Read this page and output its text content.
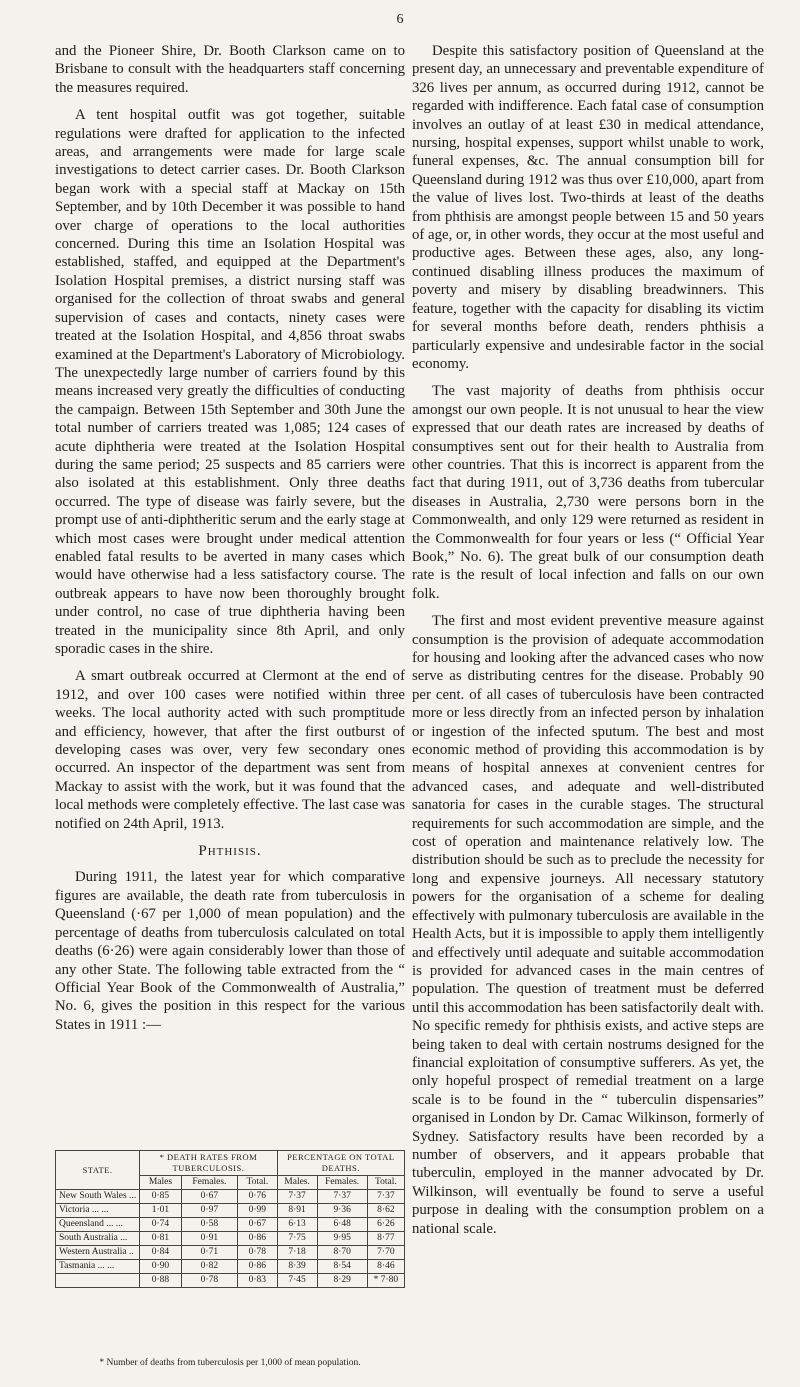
6

and the Pioneer Shire, Dr. Booth Clarkson came on to Brisbane to consult with the headquarters staff concerning the measures required.

A tent hospital outfit was got together, suitable regulations were drafted for application to the infected areas, and arrangements were made for large scale investigations to detect carrier cases. Dr. Booth Clarkson began work with a special staff at Mackay on 15th September, and by 10th December it was possible to hand over charge of operations to the local authorities concerned. During this time an Isolation Hospital was established, staffed, and equipped at the Department's Isolation Hospital premises, a district nursing staff was organised for the collection of throat swabs and general supervision of cases and contacts, ninety cases were treated at the Isolation Hospital, and 4,856 throat swabs examined at the Department's Laboratory of Microbiology. The unexpectedly large number of carriers found by this means increased very greatly the difficulties of conducting the campaign. Between 15th September and 30th June the total number of carriers treated was 1,085; 124 cases of acute diphtheria were treated at the Isolation Hospital during the same period; 25 suspects and 85 carriers were also isolated at this establishment. Only three deaths occurred. The type of disease was fairly severe, but the prompt use of anti-diphtheritic serum and the early stage at which most cases were brought under medical attention enabled fatal results to be averted in many cases which would have otherwise had a less satisfactory course. The outbreak appears to have now been thoroughly brought under control, no case of true diphtheria having been treated in the municipality since 8th April, and only sporadic cases in the shire.

A smart outbreak occurred at Clermont at the end of 1912, and over 100 cases were notified within three weeks. The local authority acted with such promptitude and efficiency, however, that after the first outburst of developing cases was over, very few secondary ones occurred. An inspector of the department was sent from Mackay to assist with the work, but it was found that the local methods were completely effective. The last case was notified on 24th April, 1913.

Phthisis.

During 1911, the latest year for which comparative figures are available, the death rate from tuberculosis in Queensland (·67 per 1,000 of mean population) and the percentage of deaths from tuberculosis calculated on total deaths (6·26) were again considerably lower than those of any other State. The following table extracted from the “ Official Year Book of the Commonwealth of Australia,” No. 6, gives the position in this respect for the various States in 1911 :—

STATE.	* DEATH RATES FROM TUBERCULOSIS.			PERCENTAGE ON TOTAL DEATHS.		
	Males	Females.	Total.	Males.	Females.	Total.
New South Wales ...	0·85	0·67	0·76	7·37	7·37	7·37
Victoria ... ...	1·01	0·97	0·99	8·91	9·36	8·62
Queensland ... ...	0·74	0·58	0·67	6·13	6·48	6·26
South Australia ...	0·81	0·91	0·86	7·75	9·95	8·77
Western Australia ..	0·84	0·71	0·78	7·18	8·70	7·70
Tasmania ... ...	0·90	0·82	0·86	8·39	8·54	8·46
	0·88	0·78	0·83	7·45	8·29	* 7·80
* Number of deaths from tuberculosis per 1,000 of mean population.

Despite this satisfactory position of Queensland at the present day, an unnecessary and preventable expenditure of 326 lives per annum, as occurred during 1912, cannot be regarded with indifference. Each fatal case of consumption involves an outlay of at least £30 in medical attendance, nursing, hospital expenses, support whilst unable to work, funeral expenses, &c. The annual consumption bill for Queensland during 1912 was thus over £10,000, apart from the value of lives lost. Two-thirds at least of the deaths from phthisis are amongst people between 15 and 50 years of age, or, in other words, they occur at the most useful and productive ages. Between these ages, also, any long-continued disabling illness produces the maximum of poverty and misery by disabling breadwinners. This feature, together with the capacity for disabling its victim for several months before death, renders phthisis a particularly expensive and undesirable factor in the social economy.

The vast majority of deaths from phthisis occur amongst our own people. It is not unusual to hear the view expressed that our death rates are increased by deaths of consumptives sent out for their health to Australia from other countries. That this is incorrect is apparent from the fact that during 1911, out of 3,736 deaths from tubercular diseases in Australia, 2,730 were persons born in the Commonwealth, and only 129 were returned as resident in the Commonwealth for four years or less (“ Official Year Book,” No. 6). The great bulk of our consumption death rate is the result of local infection and falls on our own folk.

The first and most evident preventive measure against consumption is the provision of adequate accommodation for housing and looking after the advanced cases who now serve as distributing centres for the disease. Probably 90 per cent. of all cases of tuberculosis have been contracted more or less directly from an infected person by inhalation or ingestion of the infected sputum. The best and most economic method of providing this accommodation is by means of hospital annexes at convenient centres for advanced cases, and adequate and well-distributed sanatoria for cases in the curable stages. The structural requirements for such accommodation are simple, and the cost of operation and maintenance relatively low. The distribution should be such as to preclude the necessity for long and expensive journeys. All necessary statutory powers for the organisation of a scheme for dealing effectively with pulmonary tuberculosis are available in the Health Acts, but it is impossible to apply them intelligently and effectively until adequate and suitable accommodation is provided for advanced cases in the main centres of population. The question of treatment must be deferred until this accommodation has been satisfactorily dealt with. No specific remedy for phthisis exists, and active steps are being taken to deal with certain nostrums designed for the financial exploitation of consumptive sufferers. As yet, the only hopeful prospect of remedial treatment on a large scale is to be found in the “ tuberculin dispensaries” organised in London by Dr. Camac Wilkinson, formerly of Sydney. Satisfactory results have been recorded by a number of observers, and it appears probable that tuberculin, employed in the manner advocated by Dr. Wilkinson, will eventually be found to serve a useful purpose in dealing with the consumption problem on a national scale.
